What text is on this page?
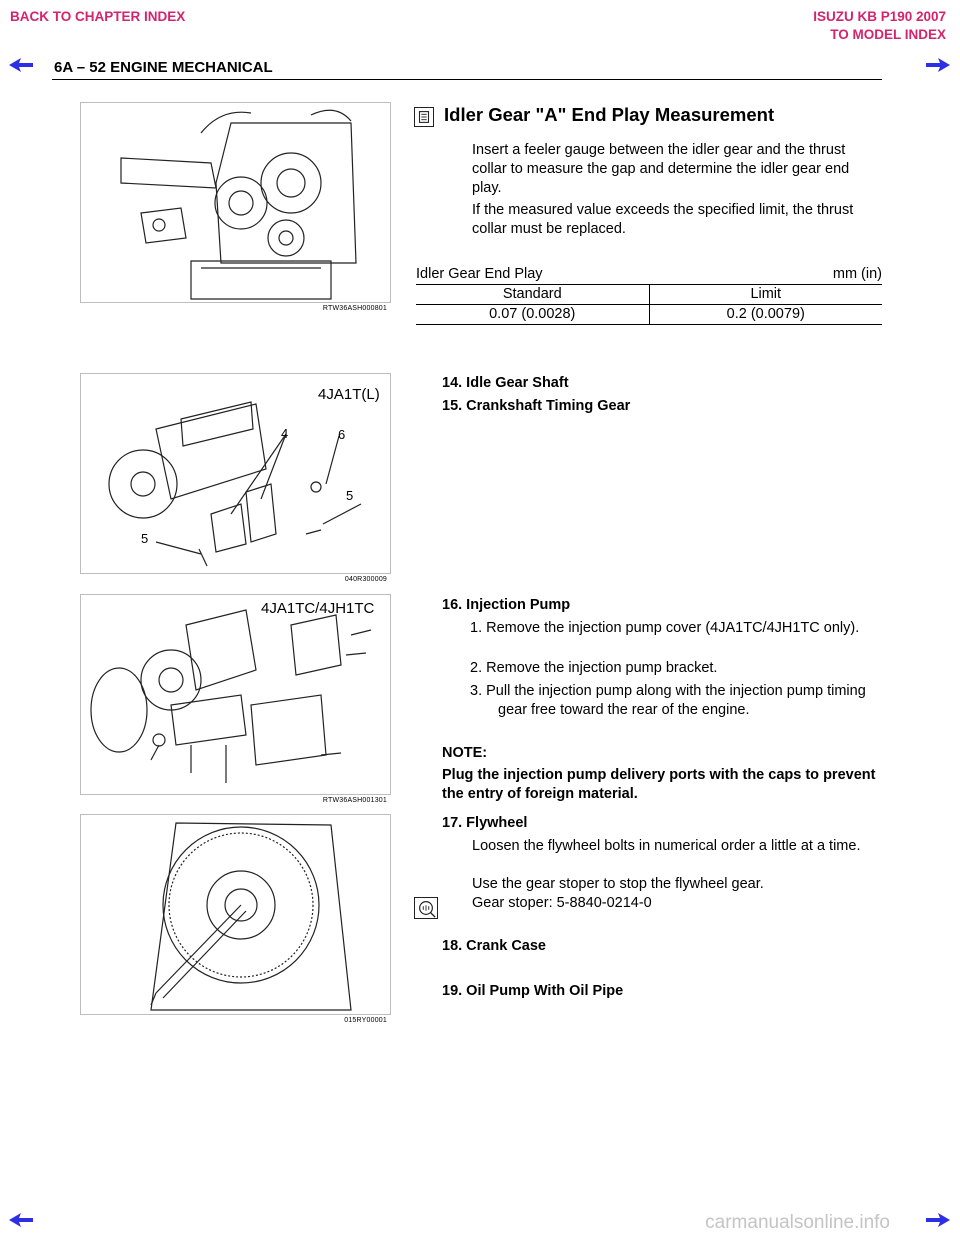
BACK TO CHAPTER INDEX	ISUZU KB P190 2007
TO MODEL INDEX
6A – 52 ENGINE MECHANICAL
RTW36ASH000801
4JA1T(L)
4	6
5
5
040R300009
4JA1TC/4JH1TC
RTW36ASH001301
015RY00001
Idler Gear "A" End Play Measurement

Insert a feeler gauge between the idler gear and the thrust collar to measure the gap and determine the idler gear end play.

If the measured value exceeds the specified limit, the thrust collar must be replaced.

Idler Gear End Play	mm (in)
Standard	Limit
0.07 (0.0028)	0.2 (0.0079)
14. Idle Gear Shaft
15. Crankshaft Timing Gear
16. Injection Pump

1. Remove the injection pump cover (4JA1TC/4JH1TC only).

2. Remove the injection pump bracket.

3. Pull the injection pump along with the injection pump timing gear free toward the rear of the engine.

NOTE:

Plug the injection pump delivery ports with the caps to prevent the entry of foreign material.

17. Flywheel

Loosen the flywheel bolts in numerical order a little at a time.

Use the gear stoper to stop the flywheel gear.

Gear stoper: 5-8840-0214-0

18. Crank Case
19. Oil Pump With Oil Pipe
carmanualsonline.info
